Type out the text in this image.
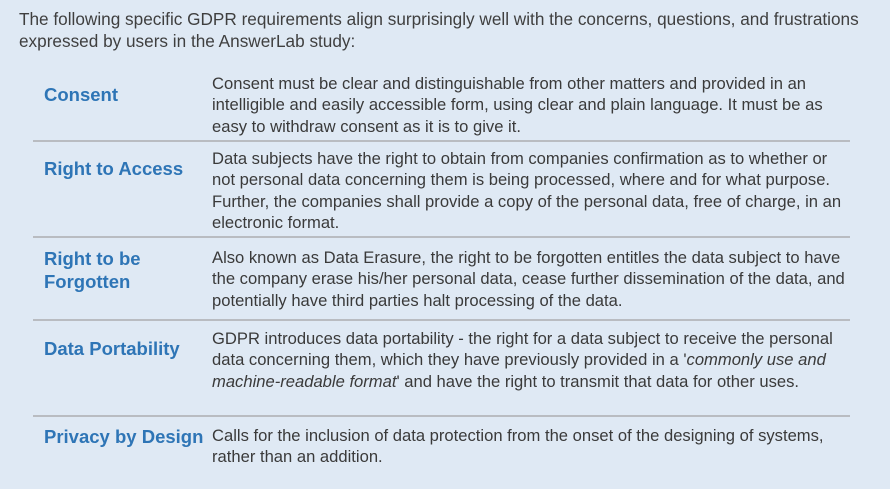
The following specific GDPR requirements align surprisingly well with the concerns, questions, and frustrations expressed by users in the AnswerLab study:
Consent
Consent must be clear and distinguishable from other matters and provided in an intelligible and easily accessible form, using clear and plain language. It must be as easy to withdraw consent as it is to give it.
Right to Access	Data subjects have the right to obtain from companies confirmation as to whether or not personal data concerning them is being processed, where and for what purpose. Further, the companies shall provide a copy of the personal data, free of charge, in an electronic format.
Right to be Forgotten
Also known as Data Erasure, the right to be forgotten entitles the data subject to have the company erase his/her personal data, cease further dissemination of the data, and potentially have third parties halt processing of the data.
Data Portability	GDPR introduces data portability - the right for a data subject to receive the personal data concerning them, which they have previously provided in a 'commonly use and machine-readable format' and have the right to transmit that data for other uses.
Privacy by Design Calls for the inclusion of data protection from the onset of the designing of systems, rather than an addition.
